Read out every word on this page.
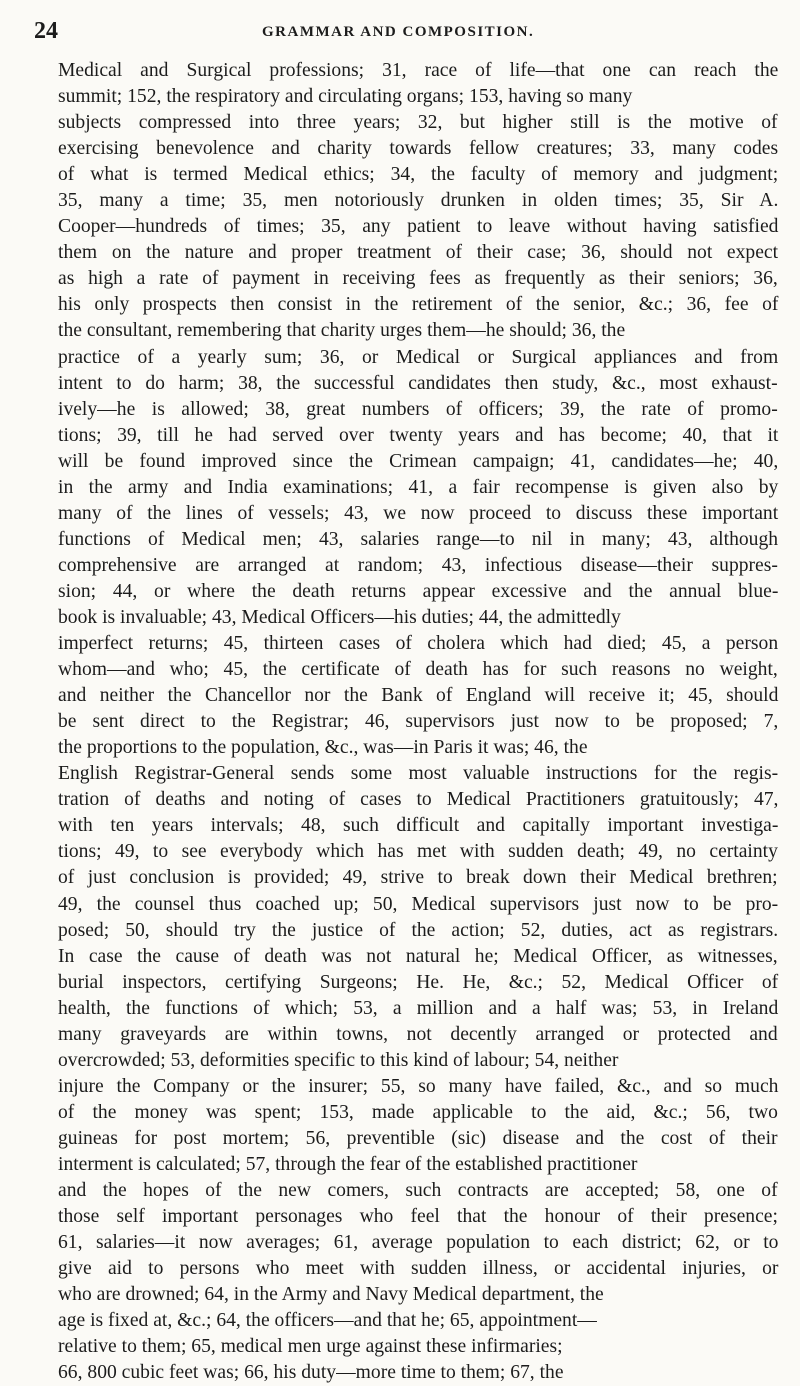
24	GRAMMAR AND COMPOSITION.
Medical and Surgical professions; 31, race of life—that one can reach the
summit; 152, the respiratory and circulating organs; 153, having so many
subjects compressed into three years; 32, but higher still is the motive of
exercising benevolence and charity towards fellow creatures; 33, many codes
of what is termed Medical ethics; 34, the faculty of memory and judgment;
35, many a time; 35, men notoriously drunken in olden times; 35, Sir A.
Cooper—hundreds of times; 35, any patient to leave without having satisfied
them on the nature and proper treatment of their case; 36, should not expect
as high a rate of payment in receiving fees as frequently as their seniors; 36,
his only prospects then consist in the retirement of the senior, &c.; 36, fee of
the consultant, remembering that charity urges them—he should; 36, the
practice of a yearly sum; 36, or Medical or Surgical appliances and from
intent to do harm; 38, the successful candidates then study, &c., most exhaust-
ively—he is allowed; 38, great numbers of officers; 39, the rate of promo-
tions; 39, till he had served over twenty years and has become; 40, that it
will be found improved since the Crimean campaign; 41, candidates—he; 40,
in the army and India examinations; 41, a fair recompense is given also by
many of the lines of vessels; 43, we now proceed to discuss these important
functions of Medical men; 43, salaries range—to nil in many; 43, although
comprehensive are arranged at random; 43, infectious disease—their suppres-
sion; 44, or where the death returns appear excessive and the annual blue-
book is invaluable; 43, Medical Officers—his duties; 44, the admittedly
imperfect returns; 45, thirteen cases of cholera which had died; 45, a person
whom—and who; 45, the certificate of death has for such reasons no weight,
and neither the Chancellor nor the Bank of England will receive it; 45, should
be sent direct to the Registrar; 46, supervisors just now to be proposed; 7,
the proportions to the population, &c., was—in Paris it was; 46, the
English Registrar-General sends some most valuable instructions for the regis-
tration of deaths and noting of cases to Medical Practitioners gratuitously; 47,
with ten years intervals; 48, such difficult and capitally important investiga-
tions; 49, to see everybody which has met with sudden death; 49, no certainty
of just conclusion is provided; 49, strive to break down their Medical brethren;
49, the counsel thus coached up; 50, Medical supervisors just now to be pro-
posed; 50, should try the justice of the action; 52, duties, act as registrars.
In case the cause of death was not natural he; Medical Officer, as witnesses,
burial inspectors, certifying Surgeons; He. He, &c.; 52, Medical Officer of
health, the functions of which; 53, a million and a half was; 53, in Ireland
many graveyards are within towns, not decently arranged or protected and
overcrowded; 53, deformities specific to this kind of labour; 54, neither
injure the Company or the insurer; 55, so many have failed, &c., and so much
of the money was spent; 153, made applicable to the aid, &c.; 56, two
guineas for post mortem; 56, preventible (sic) disease and the cost of their
interment is calculated; 57, through the fear of the established practitioner
and the hopes of the new comers, such contracts are accepted; 58, one of
those self important personages who feel that the honour of their presence;
61, salaries—it now averages; 61, average population to each district; 62, or to
give aid to persons who meet with sudden illness, or accidental injuries, or
who are drowned; 64, in the Army and Navy Medical department, the
age is fixed at, &c.; 64, the officers—and that he; 65, appointment—
relative to them; 65, medical men urge against these infirmaries;
66, 800 cubic feet was; 66, his duty—more time to them; 67, the
